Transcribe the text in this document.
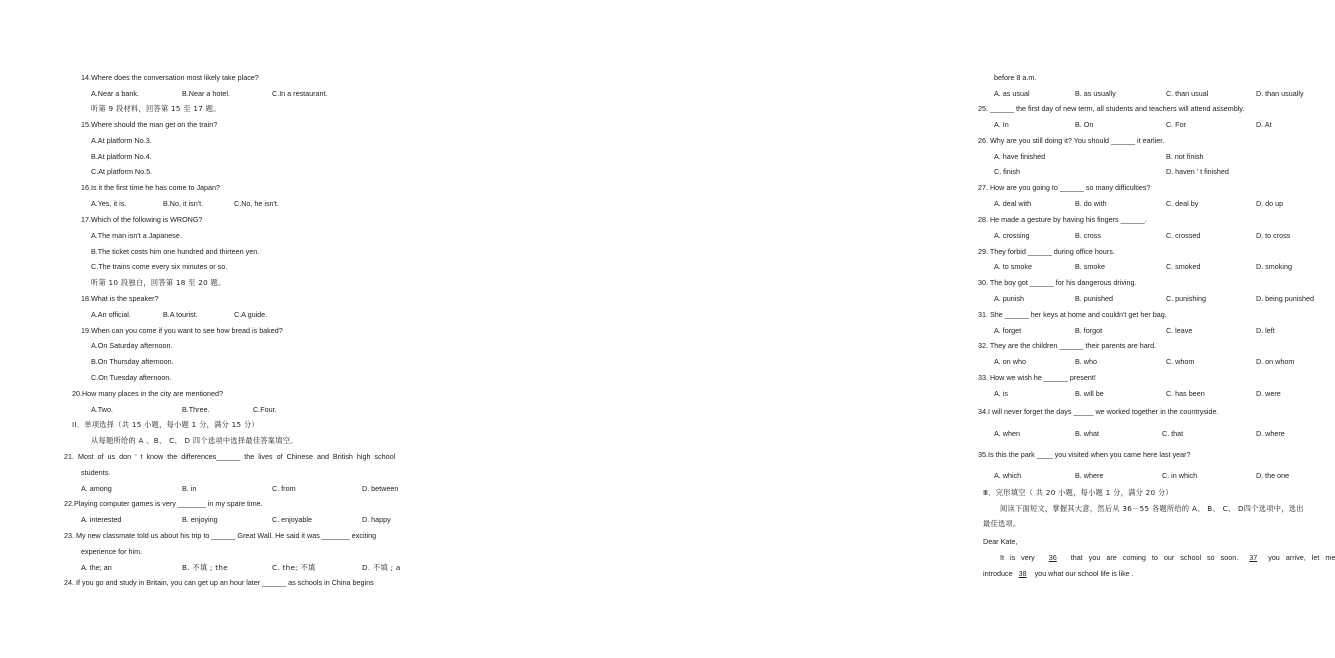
14.Where does the conversation most likely take place?
A.Near a bank.	B.Near a hotel.	C.In a restaurant.
听第 9 段材料，回答第 15 至 17 题。
15.Where should the man get on the train?
A.At platform No.3.
B.At platform No.4.
C.At platform No.5.
16.Is it the first time he has come to Japan?
A.Yes, it is.	B.No, it isn't.	C.No, he isn't.
17.Which of the following is WRONG?
A.The man isn't a Japanese.
B.The ticket costs him one hundred and thirteen yen.
C.The trains come every six minutes or so.
听第 10 段独白，回答第 18 至 20 题。
18.What is the speaker?
A.An official.	B.A tourist.	C.A guide.
19.When can you come if you want to see how bread is baked?
A.On Saturday afternoon.
B.On Thursday afternoon.
C.On Tuesday afternoon.
20.How many places in the city are mentioned?
A.Two.	B.Three.	C.Four.
II．单项选择（共 15 小题，每小题 1 分，满分 15 分）
从每题所给的 A 、B、 C、 D 四个选项中选择最佳答案填空。
21. Most of us don ’ t know the differences______ the lives of Chinese and British high school
students.
A. among	B. in	C. from	D. between
22.Playing computer games is very _______ in my spare time.
A. interested	B. enjoying	C. enjoyable	D. happy
23. My new classmate told us about his trip to ______ Great Wall. He said it was _______ exciting
experience for him.
A. the; an	B. 不填 ; the	C. the; 不填	D. 不填 ; a
24. If you go and study in Britain, you can get up an hour later ______ as schools in China begins
before 8 a.m.
A. as usual	B. as usually	C. than usual	D. than usually
25. ______ the first day of new term, all students and teachers will attend assembly.
A. In	B. On	C. For	D. At
26. Why are you still doing it? You should ______ it earlier.
A. have finished	B. not finish
C. finish	D. haven ’ t finished
27. How are you going to ______ so many difficulties?
A. deal with	B. do with	C. deal by	D. do up
28. He made a gesture by having his fingers ______.
A. crossing	B. cross	C. crossed	D. to cross
29. They forbid ______ during office hours.
A. to smoke	B. smoke	C. smoked	D. smoking
30. The boy got ______ for his dangerous driving.
A. punish	B. punished	C. punishing	D. being punished
31. She ______ her keys at home and couldn't get her bag.
A. forget	B. forgot	C. leave	D. left
32. They are the children ______ their parents are hard.
A. on who	B. who	C. whom	D. on whom
33. How we wish he ______ present!
A. is	B. will be	C. has been	D. were
34.I will never forget the days _____ we worked together in the countryside.
A. when	B. what	C. that	D. where
35.Is this the park ____ you visited when you came here last year?
A. which	B. where	C. in which	D. the one
Ⅲ．完形填空（ 共 20 小题，每小题 1 分，满分 20 分）
阅读下面短文，掌握其大意，然后从 36－55 各题所给的 A、 B、 C、 D四个选项中，选出
最佳选项。
Dear Kate,
It is very 36 that you are coming to our school so soon. 37 you arrive, let me
introduce 38 you what our school life is like .
